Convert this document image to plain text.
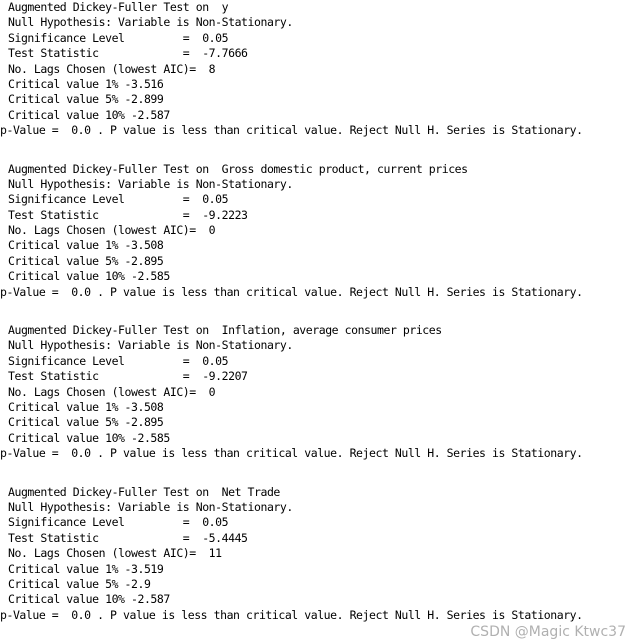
Augmented Dickey-Fuller Test on  y
Null Hypothesis: Variable is Non-Stationary.
Significance Level         =  0.05
Test Statistic             =  -7.7666
No. Lags Chosen (lowest AIC)=  8
Critical value 1% -3.516
Critical value 5% -2.899
Critical value 10% -2.587
p-Value =  0.0 . P value is less than critical value. Reject Null H. Series is Stationary.
Augmented Dickey-Fuller Test on  Gross domestic product, current prices
Null Hypothesis: Variable is Non-Stationary.
Significance Level         =  0.05
Test Statistic             =  -9.2223
No. Lags Chosen (lowest AIC)=  0
Critical value 1% -3.508
Critical value 5% -2.895
Critical value 10% -2.585
p-Value =  0.0 . P value is less than critical value. Reject Null H. Series is Stationary.
Augmented Dickey-Fuller Test on  Inflation, average consumer prices
Null Hypothesis: Variable is Non-Stationary.
Significance Level         =  0.05
Test Statistic             =  -9.2207
No. Lags Chosen (lowest AIC)=  0
Critical value 1% -3.508
Critical value 5% -2.895
Critical value 10% -2.585
p-Value =  0.0 . P value is less than critical value. Reject Null H. Series is Stationary.
Augmented Dickey-Fuller Test on  Net Trade
Null Hypothesis: Variable is Non-Stationary.
Significance Level         =  0.05
Test Statistic             =  -5.4445
No. Lags Chosen (lowest AIC)=  11
Critical value 1% -3.519
Critical value 5% -2.9
Critical value 10% -2.587
p-Value =  0.0 . P value is less than critical value. Reject Null H. Series is Stationary.
CSDN @Magic Ktwc37
